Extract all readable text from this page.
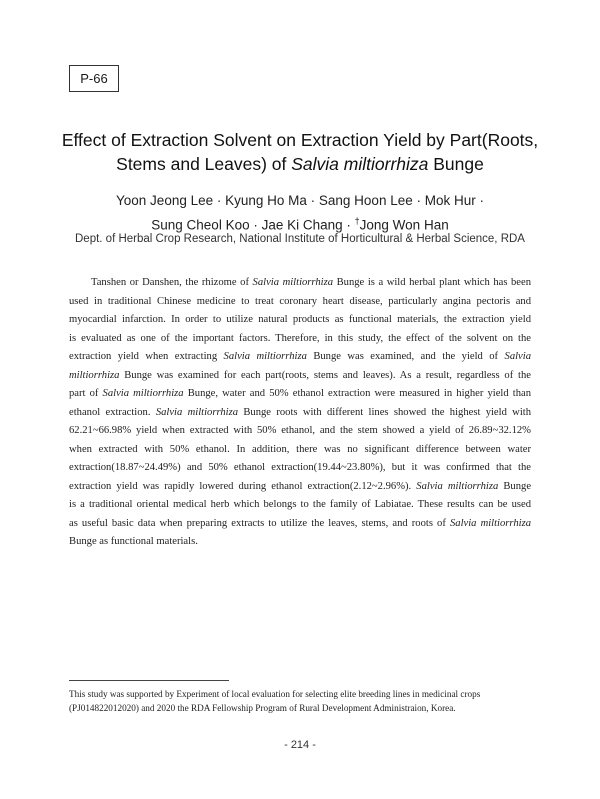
P-66
Effect of Extraction Solvent on Extraction Yield by Part(Roots,
Stems and Leaves) of Salvia miltiorrhiza Bunge
Yoon Jeong Lee · Kyung Ho Ma · Sang Hoon Lee · Mok Hur ·
Sung Cheol Koo · Jae Ki Chang · †Jong Won Han
Dept. of Herbal Crop Research, National Institute of Horticultural & Herbal Science, RDA
Tanshen or Danshen, the rhizome of Salvia miltiorrhiza Bunge is a wild herbal plant which has been
used in traditional Chinese medicine to treat coronary heart disease, particularly angina pectoris and
myocardial infarction. In order to utilize natural products as functional materials, the extraction yield
is evaluated as one of the important factors. Therefore, in this study, the effect of the solvent on the
extraction yield when extracting Salvia miltiorrhiza Bunge was examined, and the yield of Salvia
miltiorrhiza Bunge was examined for each part(roots, stems and leaves). As a result, regardless of the
part of Salvia miltiorrhiza Bunge, water and 50% ethanol extraction were measured in higher yield than
ethanol extraction. Salvia miltiorrhiza Bunge roots with different lines showed the highest yield with
62.21~66.98% yield when extracted with 50% ethanol, and the stem showed a yield of 26.89~32.12%
when extracted with 50% ethanol. In addition, there was no significant difference between water
extraction(18.87~24.49%) and 50% ethanol extraction(19.44~23.80%), but it was confirmed that the
extraction yield was rapidly lowered during ethanol extraction(2.12~2.96%). Salvia miltiorrhiza Bunge
is a traditional oriental medical herb which belongs to the family of Labiatae. These results can be used
as useful basic data when preparing extracts to utilize the leaves, stems, and roots of Salvia miltiorrhiza
Bunge as functional materials.
This study was supported by Experiment of local evaluation for selecting elite breeding lines in medicinal crops
(PJ014822012020) and 2020 the RDA Fellowship Program of Rural Development Administraion, Korea.
- 214 -
